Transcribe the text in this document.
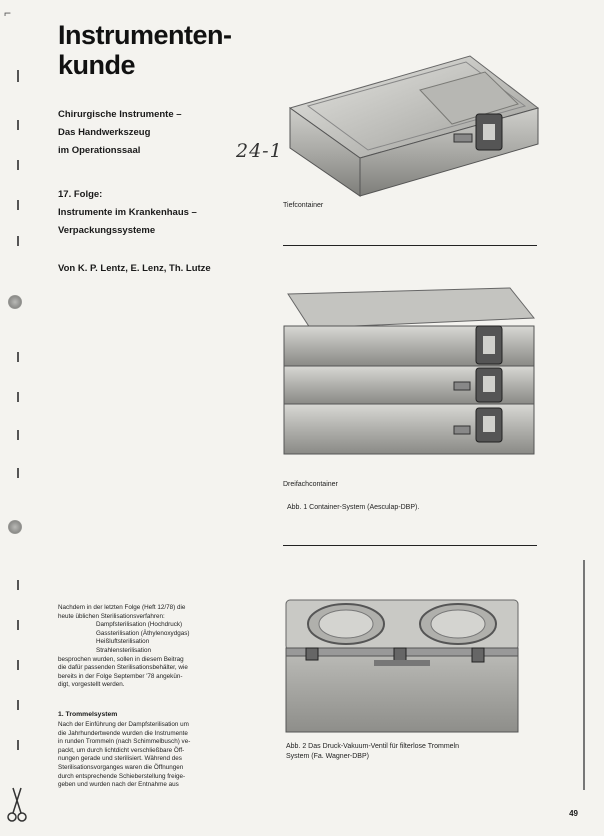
⌐
Instrumenten-
kunde
Chirurgische Instrumente –
Das Handwerkszeug
im Operationssaal	24-1
17. Folge:
Instrumente im Krankenhaus –
Verpackungssysteme
Von K. P. Lentz, E. Lenz, Th. Lutze
Tiefcontainer
Dreifachcontainer
Abb. 1 Container-System (Aesculap-DBP).
Abb. 2 Das Druck-Vakuum-Ventil für filterlose Trommeln
System (Fa. Wagner-DBP)

Nachdem in der letzten Folge (Heft 12/78) die

heute üblichen Sterilisationsverfahren:

Dampfsterilisation (Hochdruck)

Gassterilisation (Äthylenoxydgas)

Heißluftsterilisation

Strahlensterilisation

besprochen wurden, sollen in diesem Beitrag

die dafür passenden Sterilisationsbehälter, wie

bereits in der Folge September '78 angekün-

digt, vorgestellt werden.

1. Trommelsystem

Nach der Einführung der Dampfsterilisation um

die Jahrhundertwende wurden die Instrumente

in runden Trommeln (nach Schimmelbusch) ve-

packt, um durch lichtdicht verschließbare Öff-

nungen gerade und sterilisiert. Während des

Sterilisationsvorganges waren die Öffnungen

durch entsprechende Schieberstellung freige-

geben und wurden nach der Entnahme aus

49
